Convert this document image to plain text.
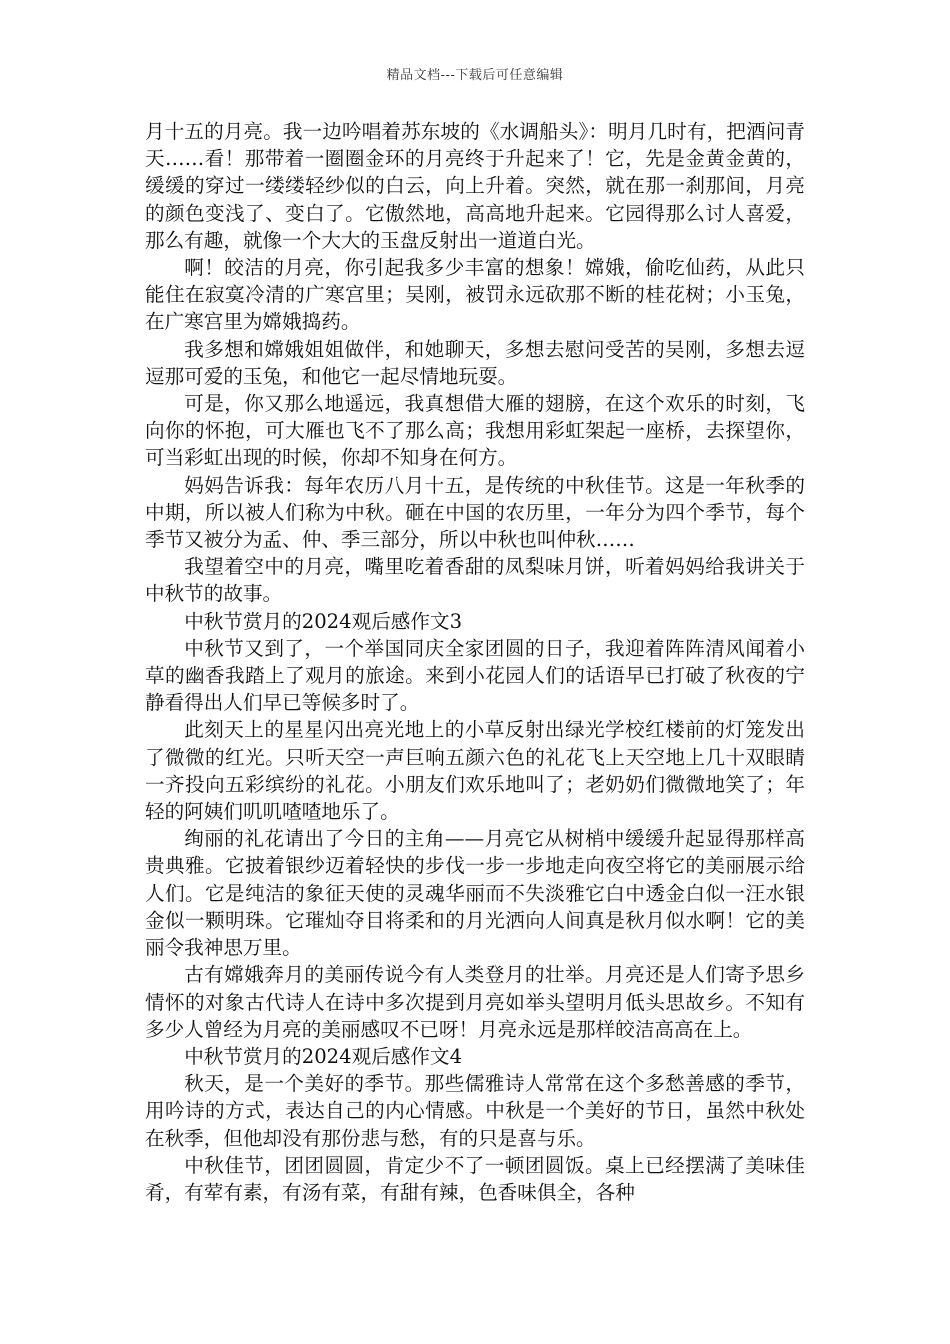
精品文档---下载后可任意编辑

月十五的月亮。我一边吟唱着苏东坡的《水调船头》：明月几时有，把酒问青天……看！那带着一圈圈金环的月亮终于升起来了！它，先是金黄金黄的，缓缓的穿过一缕缕轻纱似的白云，向上升着。突然，就在那一刹那间，月亮的颜色变浅了、变白了。它傲然地，高高地升起来。它园得那么讨人喜爱，那么有趣，就像一个大大的玉盘反射出一道道白光。

啊！皎洁的月亮，你引起我多少丰富的想象！嫦娥，偷吃仙药，从此只能住在寂寞冷清的广寒宫里；吴刚，被罚永远砍那不断的桂花树；小玉兔，在广寒宫里为嫦娥捣药。

我多想和嫦娥姐姐做伴，和她聊天，多想去慰问受苦的吴刚，多想去逗逗那可爱的玉兔，和他它一起尽情地玩耍。

可是，你又那么地遥远，我真想借大雁的翅膀，在这个欢乐的时刻，飞向你的怀抱，可大雁也飞不了那么高；我想用彩虹架起一座桥，去探望你，可当彩虹出现的时候，你却不知身在何方。

妈妈告诉我：每年农历八月十五，是传统的中秋佳节。这是一年秋季的中期，所以被人们称为中秋。砸在中国的农历里，一年分为四个季节，每个季节又被分为孟、仲、季三部分，所以中秋也叫仲秋……

我望着空中的月亮，嘴里吃着香甜的凤梨味月饼，听着妈妈给我讲关于中秋节的故事。

中秋节赏月的2024观后感作文3

中秋节又到了，一个举国同庆全家团圆的日子，我迎着阵阵清风闻着小草的幽香我踏上了观月的旅途。来到小花园人们的话语早已打破了秋夜的宁静看得出人们早已等候多时了。

此刻天上的星星闪出亮光地上的小草反射出绿光学校红楼前的灯笼发出了微微的红光。只听天空一声巨响五颜六色的礼花飞上天空地上几十双眼睛一齐投向五彩缤纷的礼花。小朋友们欢乐地叫了；老奶奶们微微地笑了；年轻的阿姨们叽叽喳喳地乐了。

绚丽的礼花请出了今日的主角——月亮它从树梢中缓缓升起显得那样高贵典雅。它披着银纱迈着轻快的步伐一步一步地走向夜空将它的美丽展示给人们。它是纯洁的象征天使的灵魂华丽而不失淡雅它白中透金白似一汪水银金似一颗明珠。它璀灿夺目将柔和的月光洒向人间真是秋月似水啊！它的美丽令我神思万里。

古有嫦娥奔月的美丽传说今有人类登月的壮举。月亮还是人们寄予思乡情怀的对象古代诗人在诗中多次提到月亮如举头望明月低头思故乡。不知有多少人曾经为月亮的美丽感叹不已呀！月亮永远是那样皎洁高高在上。

中秋节赏月的2024观后感作文4

秋天，是一个美好的季节。那些儒雅诗人常常在这个多愁善感的季节，用吟诗的方式，表达自己的内心情感。中秋是一个美好的节日，虽然中秋处在秋季，但他却没有那份悲与愁，有的只是喜与乐。

中秋佳节，团团圆圆，肯定少不了一顿团圆饭。桌上已经摆满了美味佳肴，有荤有素，有汤有菜，有甜有辣，色香味俱全，各种
